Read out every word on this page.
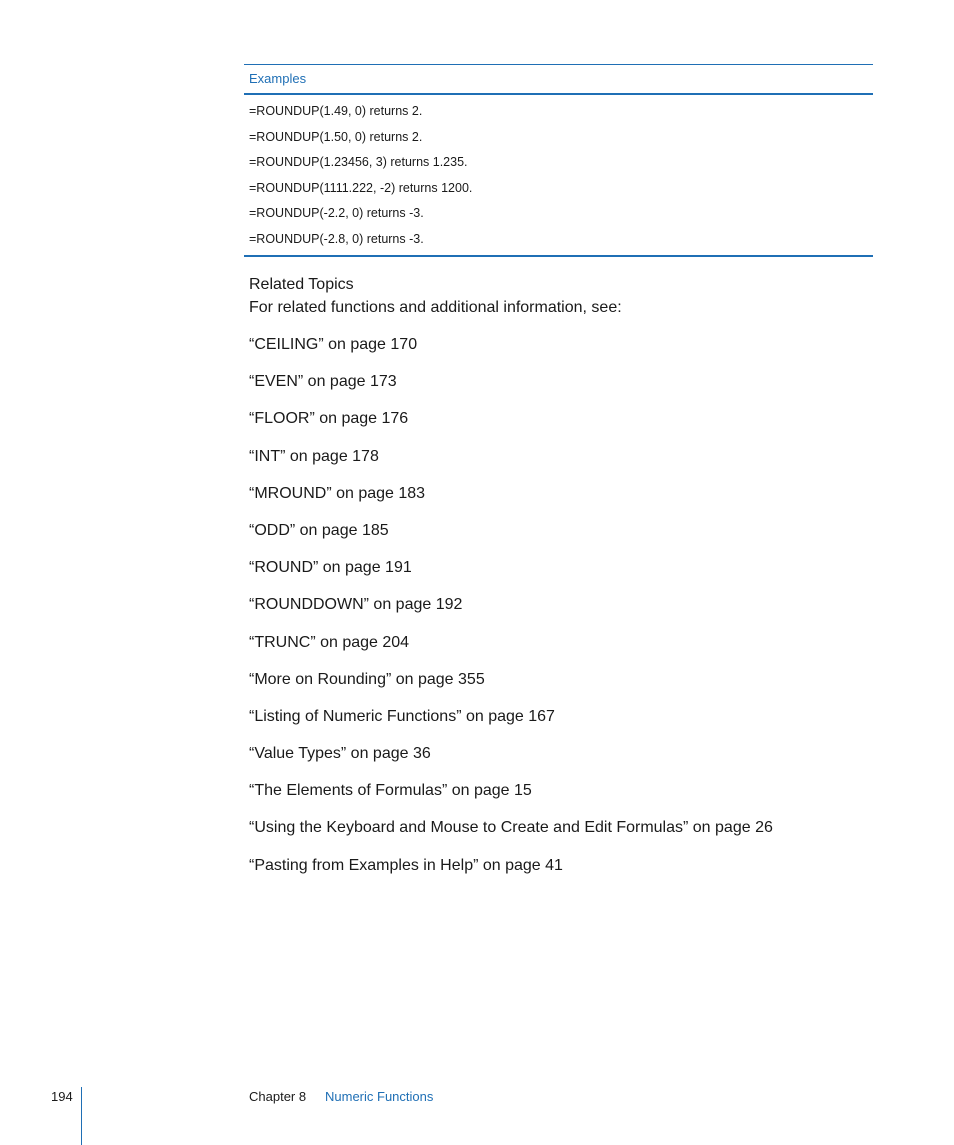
Examples
=ROUNDUP(1.49, 0) returns 2.
=ROUNDUP(1.50, 0) returns 2.
=ROUNDUP(1.23456, 3) returns 1.235.
=ROUNDUP(1111.222, -2) returns 1200.
=ROUNDUP(-2.2, 0) returns -3.
=ROUNDUP(-2.8, 0) returns -3.
Related Topics
For related functions and additional information, see:
“CEILING” on page 170
“EVEN” on page 173
“FLOOR” on page 176
“INT” on page 178
“MROUND” on page 183
“ODD” on page 185
“ROUND” on page 191
“ROUNDDOWN” on page 192
“TRUNC” on page 204
“More on Rounding” on page 355
“Listing of Numeric Functions” on page 167
“Value Types” on page 36
“The Elements of Formulas” on page 15
“Using the Keyboard and Mouse to Create and Edit Formulas” on page 26
“Pasting from Examples in Help” on page 41
194	Chapter 8 Numeric Functions
